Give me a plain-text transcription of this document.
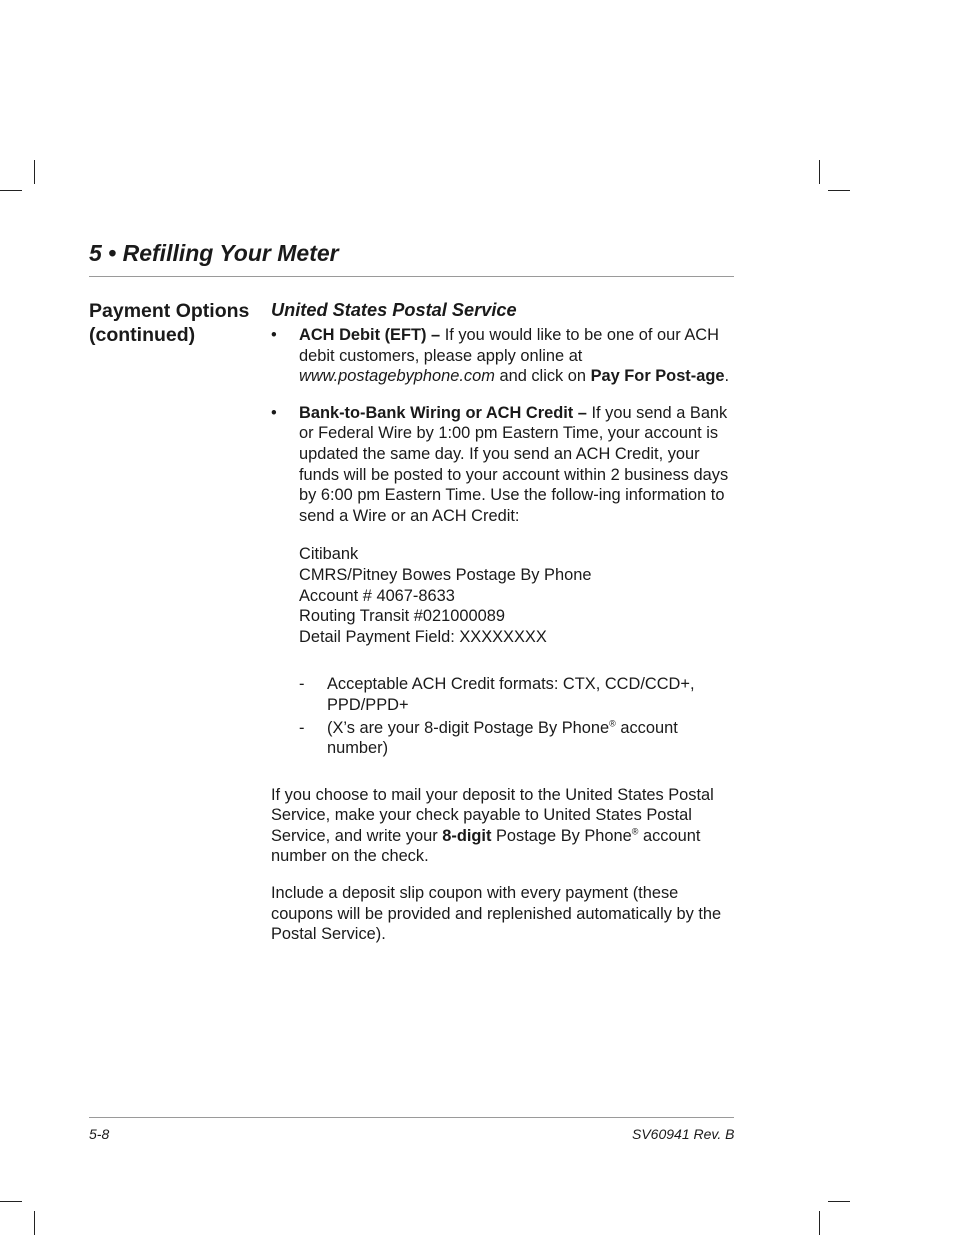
5 • Refilling Your Meter
Payment Options
(continued)
United States Postal Service
• ACH Debit (EFT) – If you would like to be one of our ACH debit customers, please apply online at www.postagebyphone.com and click on Pay For Post-age.
• Bank-to-Bank Wiring or ACH Credit – If you send a Bank or Federal Wire by 1:00 pm Eastern Time, your account is updated the same day. If you send an ACH Credit, your funds will be posted to your account within 2 business days by 6:00 pm Eastern Time. Use the follow-ing information to send a Wire or an ACH Credit:
Citibank
CMRS/Pitney Bowes Postage By Phone
Account # 4067-8633
Routing Transit #021000089
Detail Payment Field: XXXXXXXX
- Acceptable ACH Credit formats: CTX, CCD/CCD+, PPD/PPD+
- (X’s are your 8-digit Postage By Phone® account number)

If you choose to mail your deposit to the United States Postal Service, make your check payable to United States Postal Service, and write your 8-digit Postage By Phone® account number on the check.

Include a deposit slip coupon with every payment (these coupons will be provided and replenished automatically by the Postal Service).

5-8	SV60941 Rev. B
